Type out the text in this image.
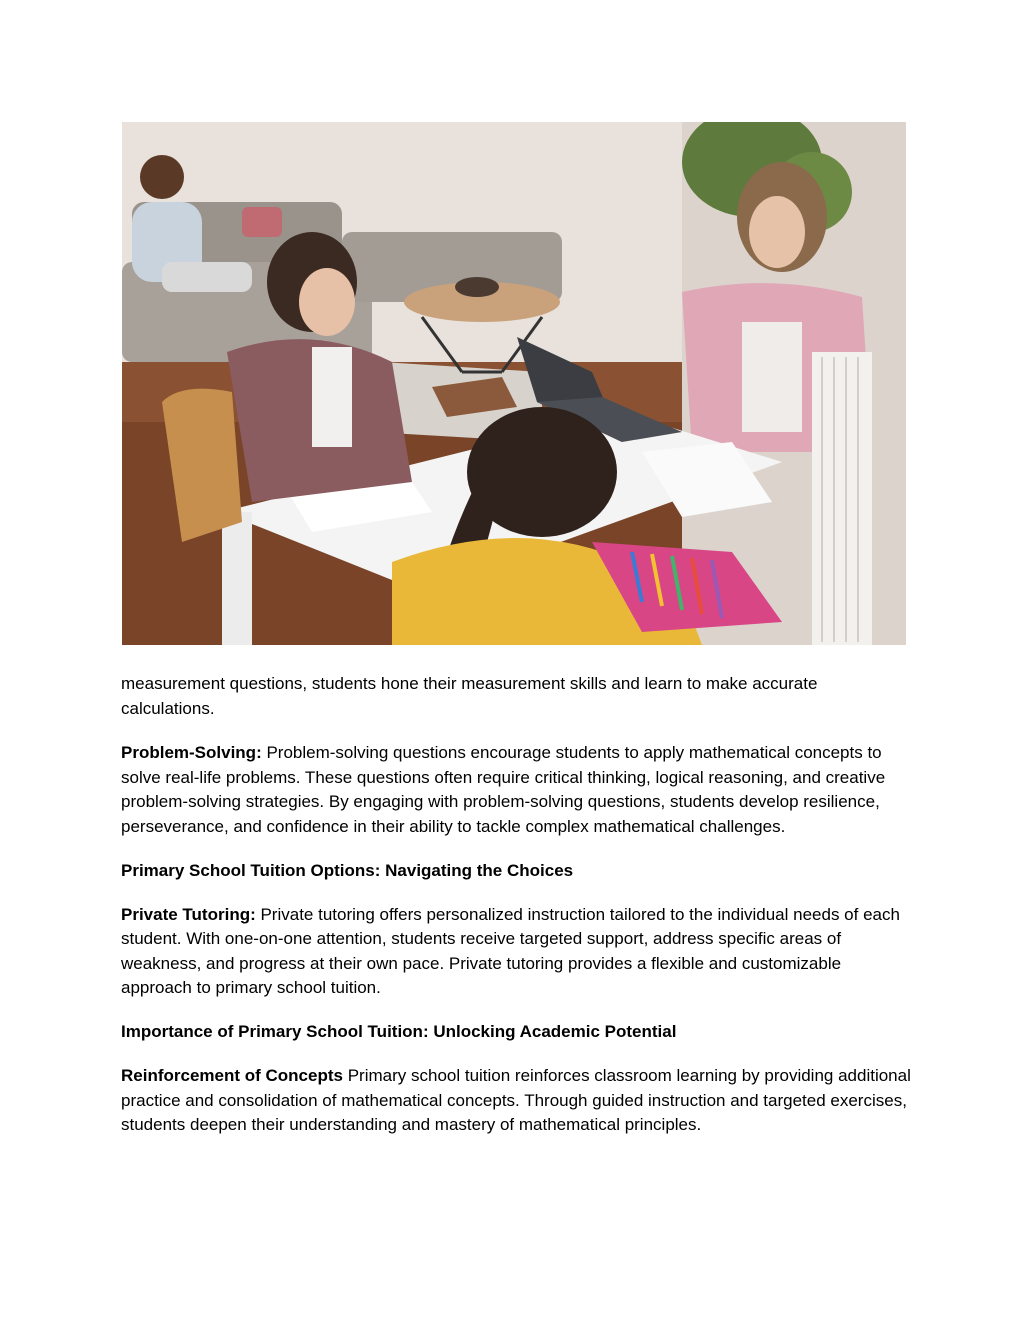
measurement questions, students hone their measurement skills and learn to make accurate calculations.

Problem-Solving: Problem-solving questions encourage students to apply mathematical concepts to solve real-life problems. These questions often require critical thinking, logical reasoning, and creative problem-solving strategies. By engaging with problem-solving questions, students develop resilience, perseverance, and confidence in their ability to tackle complex mathematical challenges.

Primary School Tuition Options: Navigating the Choices

Private Tutoring: Private tutoring offers personalized instruction tailored to the individual needs of each student. With one-on-one attention, students receive targeted support, address specific areas of weakness, and progress at their own pace. Private tutoring provides a flexible and customizable approach to primary school tuition.

Importance of Primary School Tuition: Unlocking Academic Potential

Reinforcement of Concepts Primary school tuition reinforces classroom learning by providing additional practice and consolidation of mathematical concepts. Through guided instruction and targeted exercises, students deepen their understanding and mastery of mathematical principles.
